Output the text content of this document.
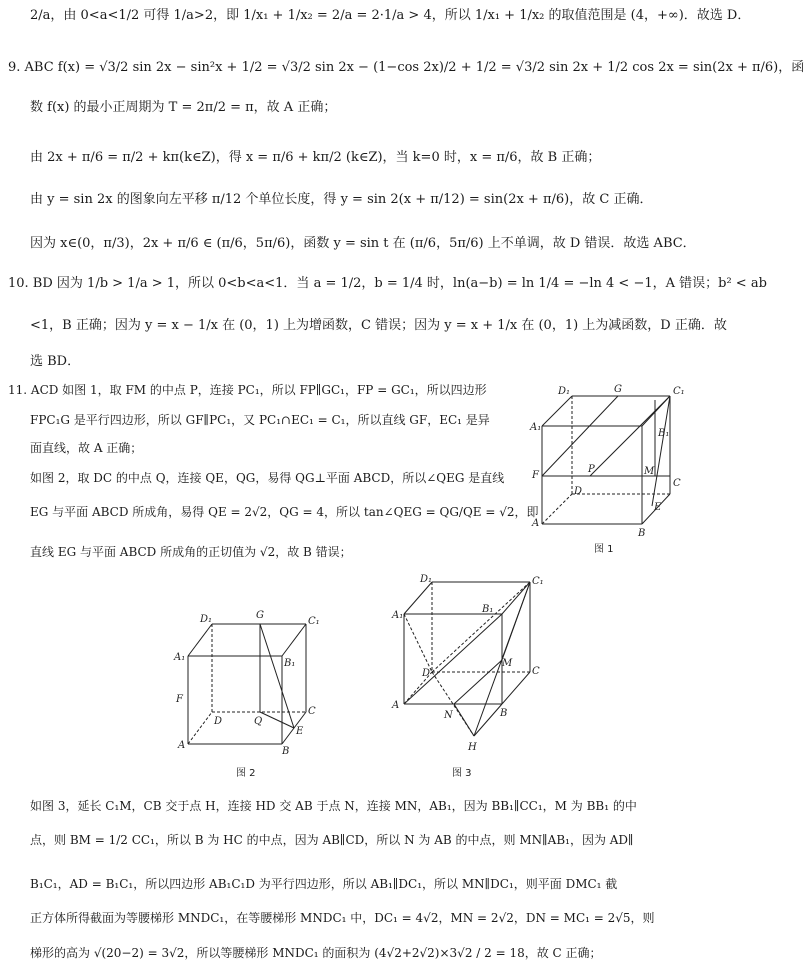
2/a，由 0<a<1/2 可得 1/a>2，即 1/x₁ + 1/x₂ = 2/a = 2·1/a > 4，所以 1/x₁ + 1/x₂ 的取值范围是 (4，+∞)．故选 D．
9. ABC f(x) = √3/2 sin 2x − sin²x + 1/2 = √3/2 sin 2x − (1−cos 2x)/2 + 1/2 = √3/2 sin 2x + 1/2 cos 2x = sin(2x + π/6)，函
数 f(x) 的最小正周期为 T = 2π/2 = π，故 A 正确；
由 2x + π/6 = π/2 + kπ(k∈Z)，得 x = π/6 + kπ/2 (k∈Z)，当 k=0 时，x = π/6，故 B 正确；
由 y = sin 2x 的图象向左平移 π/12 个单位长度，得 y = sin 2(x + π/12) = sin(2x + π/6)，故 C 正确．
因为 x∈(0，π/3)，2x + π/6 ∈ (π/6，5π/6)，函数 y = sin t 在 (π/6，5π/6) 上不单调，故 D 错误．故选 ABC．
10. BD 因为 1/b > 1/a > 1，所以 0<b<a<1．当 a = 1/2，b = 1/4 时，ln(a−b) = ln 1/4 = −ln 4 < −1，A 错误；b² < ab
<1，B 正确；因为 y = x − 1/x 在 (0，1) 上为增函数，C 错误；因为 y = x + 1/x 在 (0，1) 上为减函数，D 正确．故
选 BD．
11. ACD 如图 1，取 FM 的中点 P，连接 PC₁，所以 FP∥GC₁，FP = GC₁，所以四边形
FPC₁G 是平行四边形，所以 GF∥PC₁，又 PC₁∩EC₁ = C₁，所以直线 GF，EC₁ 是异
面直线，故 A 正确；
如图 2，取 DC 的中点 Q，连接 QE，QG，易得 QG⊥平面 ABCD，所以∠QEG 是直线
EG 与平面 ABCD 所成角，易得 QE = 2√2，QG = 4，所以 tan∠QEG = QG/QE = √2，即
直线 EG 与平面 ABCD 所成角的正切值为 √2，故 B 错误；
如图 3，延长 C₁M，CB 交于点 H，连接 HD 交 AB 于点 N，连接 MN，AB₁，因为 BB₁∥CC₁，M 为 BB₁ 的中
点，则 BM = 1/2 CC₁，所以 B 为 HC 的中点，因为 AB∥CD，所以 N 为 AB 的中点，则 MN∥AB₁，因为 AD∥
B₁C₁，AD = B₁C₁，所以四边形 AB₁C₁D 为平行四边形，所以 AB₁∥DC₁，所以 MN∥DC₁，则平面 DMC₁ 截
正方体所得截面为等腰梯形 MNDC₁，在等腰梯形 MNDC₁ 中，DC₁ = 4√2，MN = 2√2，DN = MC₁ = 2√5，则
梯形的高为 √(20−2) = 3√2，所以等腰梯形 MNDC₁ 的面积为 (4√2+2√2)×3√2 / 2 = 18，故 C 正确；
D₁	G	C₁
A₁
B₁
P
F	M
D
C
E
A
B
图 1
D₁	G
C₁
A₁
B₁
F
D	Q
C
E
A
B
图 2
D₁	C₁
A₁
B₁
M
D	C
A
N	B
H
图 3
